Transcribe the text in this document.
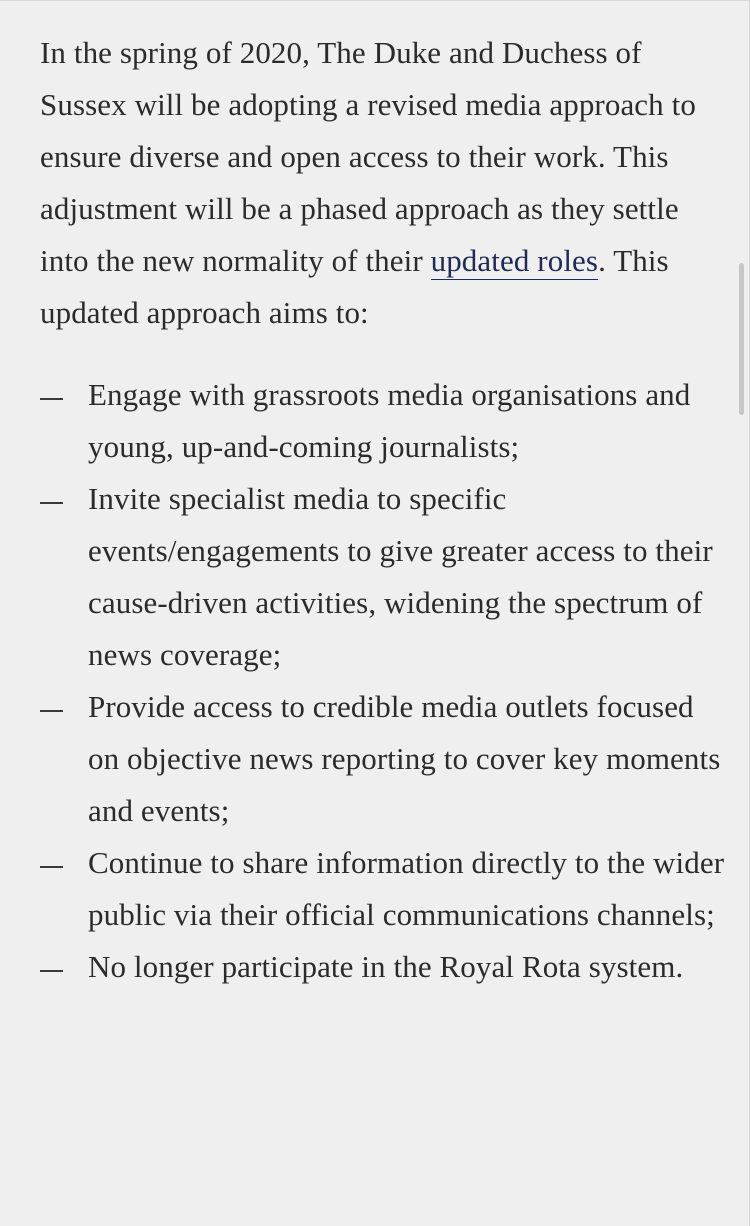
In the spring of 2020, The Duke and Duchess of Sussex will be adopting a revised media approach to ensure diverse and open access to their work. This adjustment will be a phased approach as they settle into the new normality of their updated roles. This updated approach aims to:

Engage with grassroots media organisations and young, up-and-coming journalists;
Invite specialist media to specific events/engagements to give greater access to their cause-driven activities, widening the spectrum of news coverage;
Provide access to credible media outlets focused on objective news reporting to cover key moments and events;
Continue to share information directly to the wider public via their official communications channels;
No longer participate in the Royal Rota system.
